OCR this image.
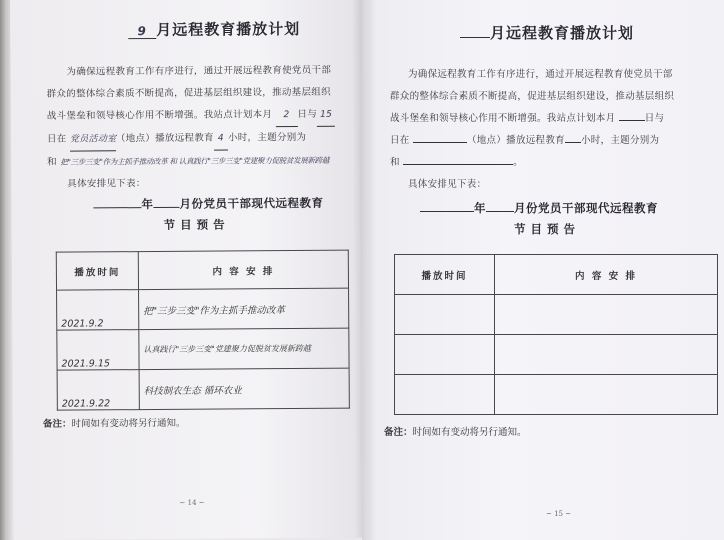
9 月远程教育播放计划
为确保远程教育工作有序进行，通过开展远程教育使党员干部
群众的整体综合素质不断提高，促进基层组织建设，推动基层组织
战斗堡垒和领导核心作用不断增强。我站点计划本月 2 日与 15
日在 党员活动室（地点）播放远程教育 4 小时，主题分别为
和 把"三步三变"作为主抓手推动改革 和 认真践行"三步三变"党建聚力促脱贫发展新跨越
具体安排见下表：
年 月份党员干部现代远程教育
节 目 预 告
播放时间	内 容 安 排
2021.9.2	把"三步三变"作为主抓手推动改革
2021.9.15	认真践行"三步三变"党建聚力促脱贫发展新跨越
2021.9.22	科技制农生态 循环农业
备注：时间如有变动将另行通知。
~ 14 ~
月远程教育播放计划
为确保远程教育工作有序进行，通过开展远程教育使党员干部
群众的整体综合素质不断提高，促进基层组织建设，推动基层组织
战斗堡垒和领导核心作用不断增强。我站点计划本月	日与
日在	（地点）播放远程教育 小时，主题分别为
和	。
具体安排见下表：
年 月份党员干部现代远程教育
节 目 预 告
播放时间	内 容 安 排

备注：时间如有变动将另行通知。
~ 15 ~
